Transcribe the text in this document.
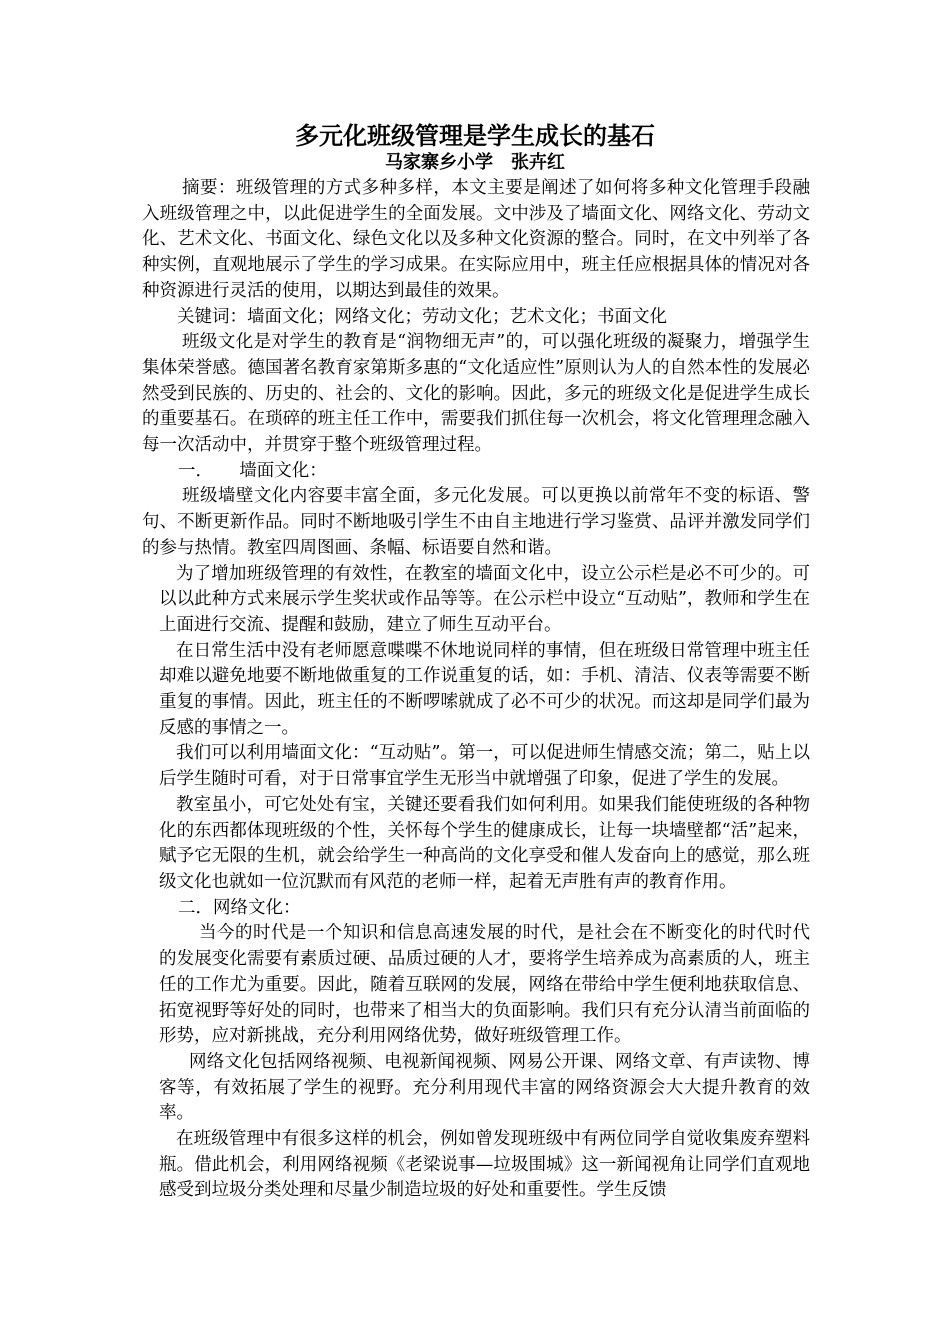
多元化班级管理是学生成长的基石
马家寨乡小学　张卉红

摘要：班级管理的方式多种多样，本文主要是阐述了如何将多种文化管理手段融入班级管理之中，以此促进学生的全面发展。文中涉及了墙面文化、网络文化、劳动文化、艺术文化、书面文化、绿色文化以及多种文化资源的整合。同时，在文中列举了各种实例，直观地展示了学生的学习成果。在实际应用中，班主任应根据具体的情况对各种资源进行灵活的使用，以期达到最佳的效果。

关键词：墙面文化；网络文化；劳动文化；艺术文化；书面文化

班级文化是对学生的教育是“润物细无声”的，可以强化班级的凝聚力，增强学生集体荣誉感。德国著名教育家第斯多惠的“文化适应性”原则认为人的自然本性的发展必然受到民族的、历史的、社会的、文化的影响。因此，多元的班级文化是促进学生成长的重要基石。在琐碎的班主任工作中，需要我们抓住每一次机会，将文化管理理念融入每一次活动中，并贯穿于整个班级管理过程。

一．　　墙面文化：

班级墙壁文化内容要丰富全面，多元化发展。可以更换以前常年不变的标语、警句、不断更新作品。同时不断地吸引学生不由自主地进行学习鉴赏、品评并激发同学们的参与热情。教室四周图画、条幅、标语要自然和谐。

为了增加班级管理的有效性，在教室的墙面文化中，设立公示栏是必不可少的。可以以此种方式来展示学生奖状或作品等等。在公示栏中设立“互动贴”，教师和学生在上面进行交流、提醒和鼓励，建立了师生互动平台。

在日常生活中没有老师愿意喋喋不休地说同样的事情，但在班级日常管理中班主任却难以避免地要不断地做重复的工作说重复的话，如：手机、清洁、仪表等需要不断重复的事情。因此，班主任的不断啰嗦就成了必不可少的状况。而这却是同学们最为反感的事情之一。

我们可以利用墙面文化：“互动贴”。第一，可以促进师生情感交流；第二，贴上以后学生随时可看，对于日常事宜学生无形当中就增强了印象，促进了学生的发展。

教室虽小，可它处处有宝，关键还要看我们如何利用。如果我们能使班级的各种物化的东西都体现班级的个性，关怀每个学生的健康成长，让每一块墙壁都“活”起来，赋予它无限的生机，就会给学生一种高尚的文化享受和催人发奋向上的感觉，那么班级文化也就如一位沉默而有风范的老师一样，起着无声胜有声的教育作用。

二．网络文化：

当今的时代是一个知识和信息高速发展的时代，是社会在不断变化的时代时代的发展变化需要有素质过硬、品质过硬的人才，要将学生培养成为高素质的人，班主任的工作尤为重要。因此，随着互联网的发展，网络在带给中学生便利地获取信息、拓宽视野等好处的同时，也带来了相当大的负面影响。我们只有充分认清当前面临的形势，应对新挑战，充分利用网络优势，做好班级管理工作。

网络文化包括网络视频、电视新闻视频、网易公开课、网络文章、有声读物、博客等，有效拓展了学生的视野。充分利用现代丰富的网络资源会大大提升教育的效率。

在班级管理中有很多这样的机会，例如曾发现班级中有两位同学自觉收集废弃塑料瓶。借此机会，利用网络视频《老梁说事—垃圾围城》这一新闻视角让同学们直观地感受到垃圾分类处理和尽量少制造垃圾的好处和重要性。学生反馈
